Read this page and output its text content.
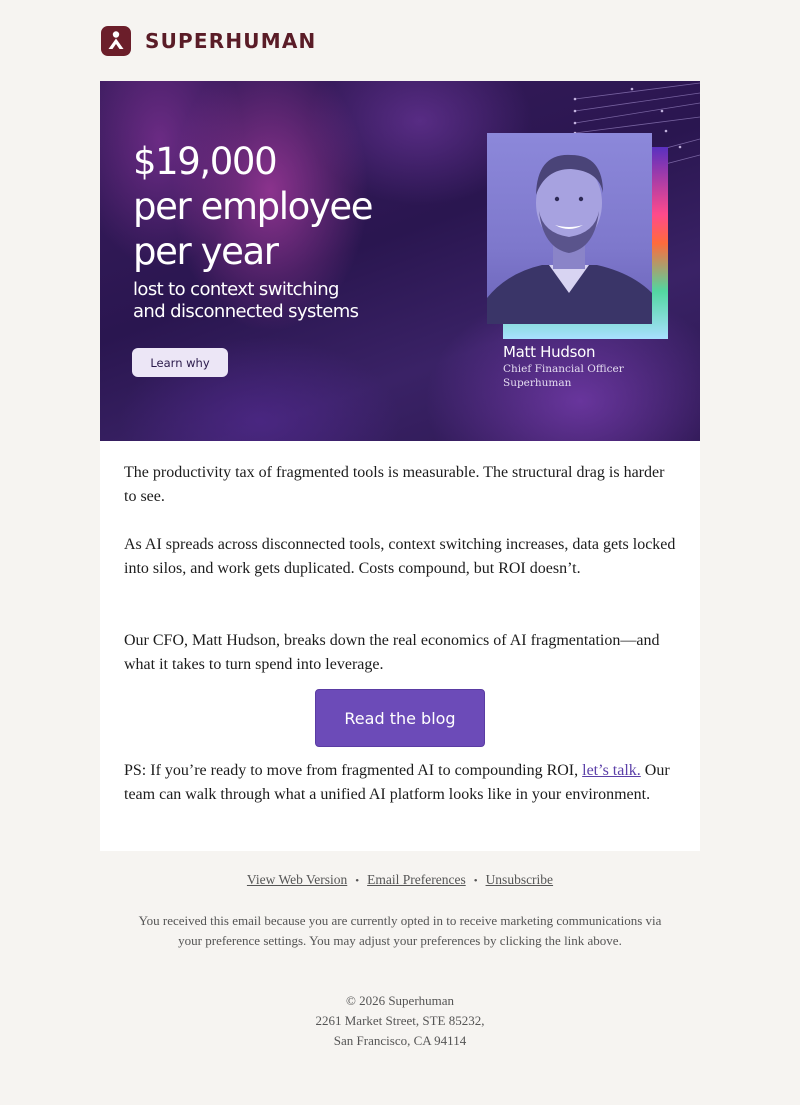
SUPERHUMAN
$19,000
per employee
per year

lost to context switching
and disconnected systems

Learn why

Matt Hudson

Chief Financial Officer

Superhuman

The productivity tax of fragmented tools is measurable. The structural drag is harder to see.

As AI spreads across disconnected tools, context switching increases, data gets locked into silos, and work gets duplicated. Costs compound, but ROI doesn’t.

Our CFO, Matt Hudson, breaks down the real economics of AI fragmentation—and what it takes to turn spend into leverage.

Read the blog

PS: If you’re ready to move from fragmented AI to compounding ROI, let’s talk. Our team can walk through what a unified AI platform looks like in your environment.

View Web Version • Email Preferences • Unsubscribe

You received this email because you are currently opted in to receive marketing communications via your preference settings. You may adjust your preferences by clicking the link above.

© 2026 Superhuman
2261 Market Street, STE 85232,
San Francisco, CA 94114
